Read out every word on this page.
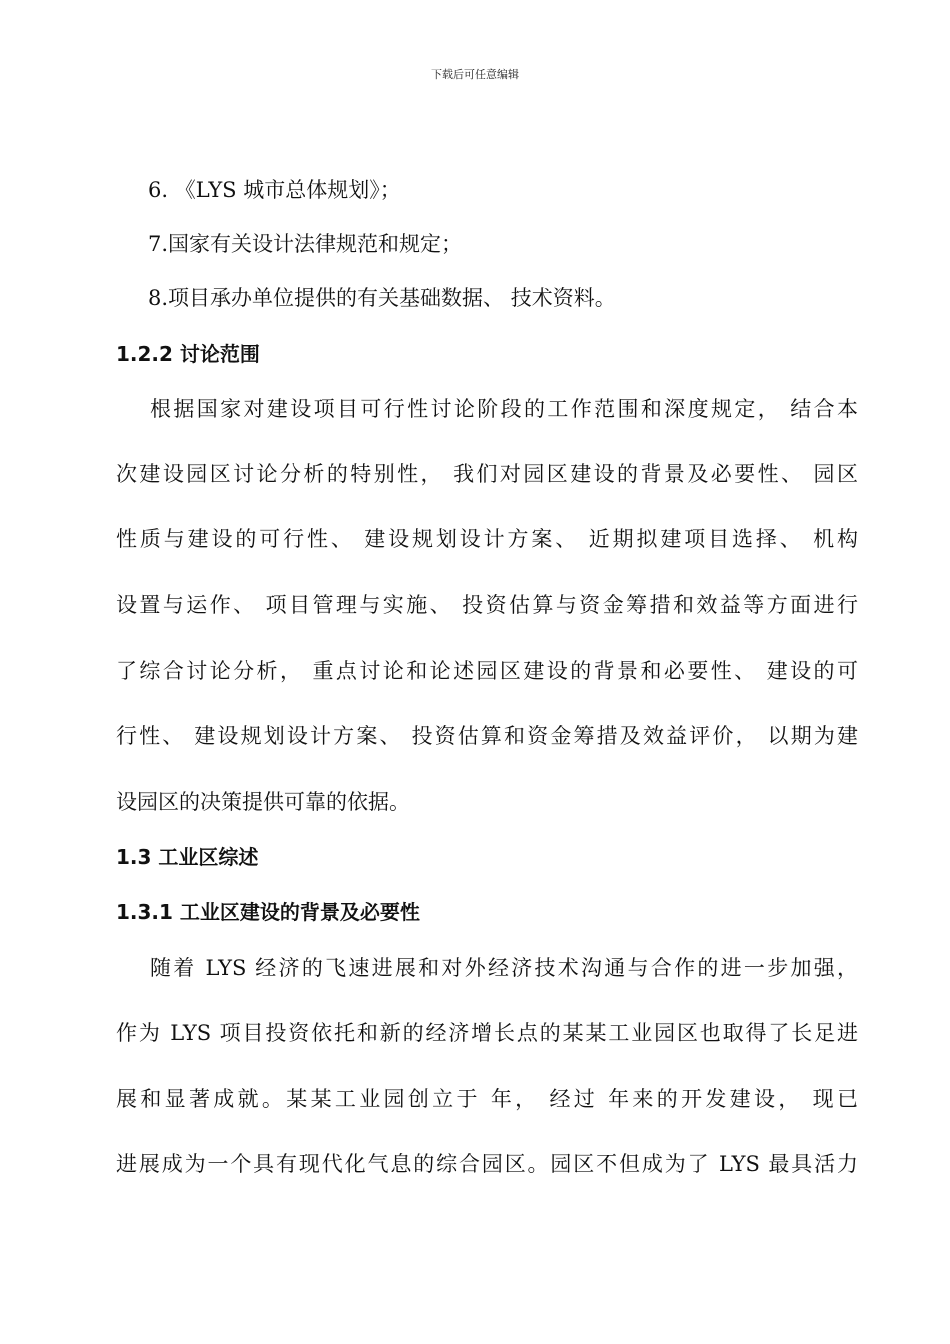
下载后可任意编辑
6. 《LYS 城市总体规划》；
7.国家有关设计法律规范和规定；
8.项目承办单位提供的有关基础数据、 技术资料。
1.2.2 讨论范围
根据国家对建设项目可行性讨论阶段的工作范围和深度规定， 结合本
次建设园区讨论分析的特别性， 我们对园区建设的背景及必要性、 园区
性质与建设的可行性、 建设规划设计方案、 近期拟建项目选择、 机构
设置与运作、 项目管理与实施、 投资估算与资金筹措和效益等方面进行
了综合讨论分析， 重点讨论和论述园区建设的背景和必要性、 建设的可
行性、 建设规划设计方案、 投资估算和资金筹措及效益评价， 以期为建
设园区的决策提供可靠的依据。
1.3 工业区综述
1.3.1 工业区建设的背景及必要性
随着 LYS 经济的飞速进展和对外经济技术沟通与合作的进一步加强，
作为 LYS 项目投资依托和新的经济增长点的某某工业园区也取得了长足进
展和显著成就。某某工业园创立于 年， 经过 年来的开发建设， 现已
进展成为一个具有现代化气息的综合园区。园区不但成为了 LYS 最具活力
